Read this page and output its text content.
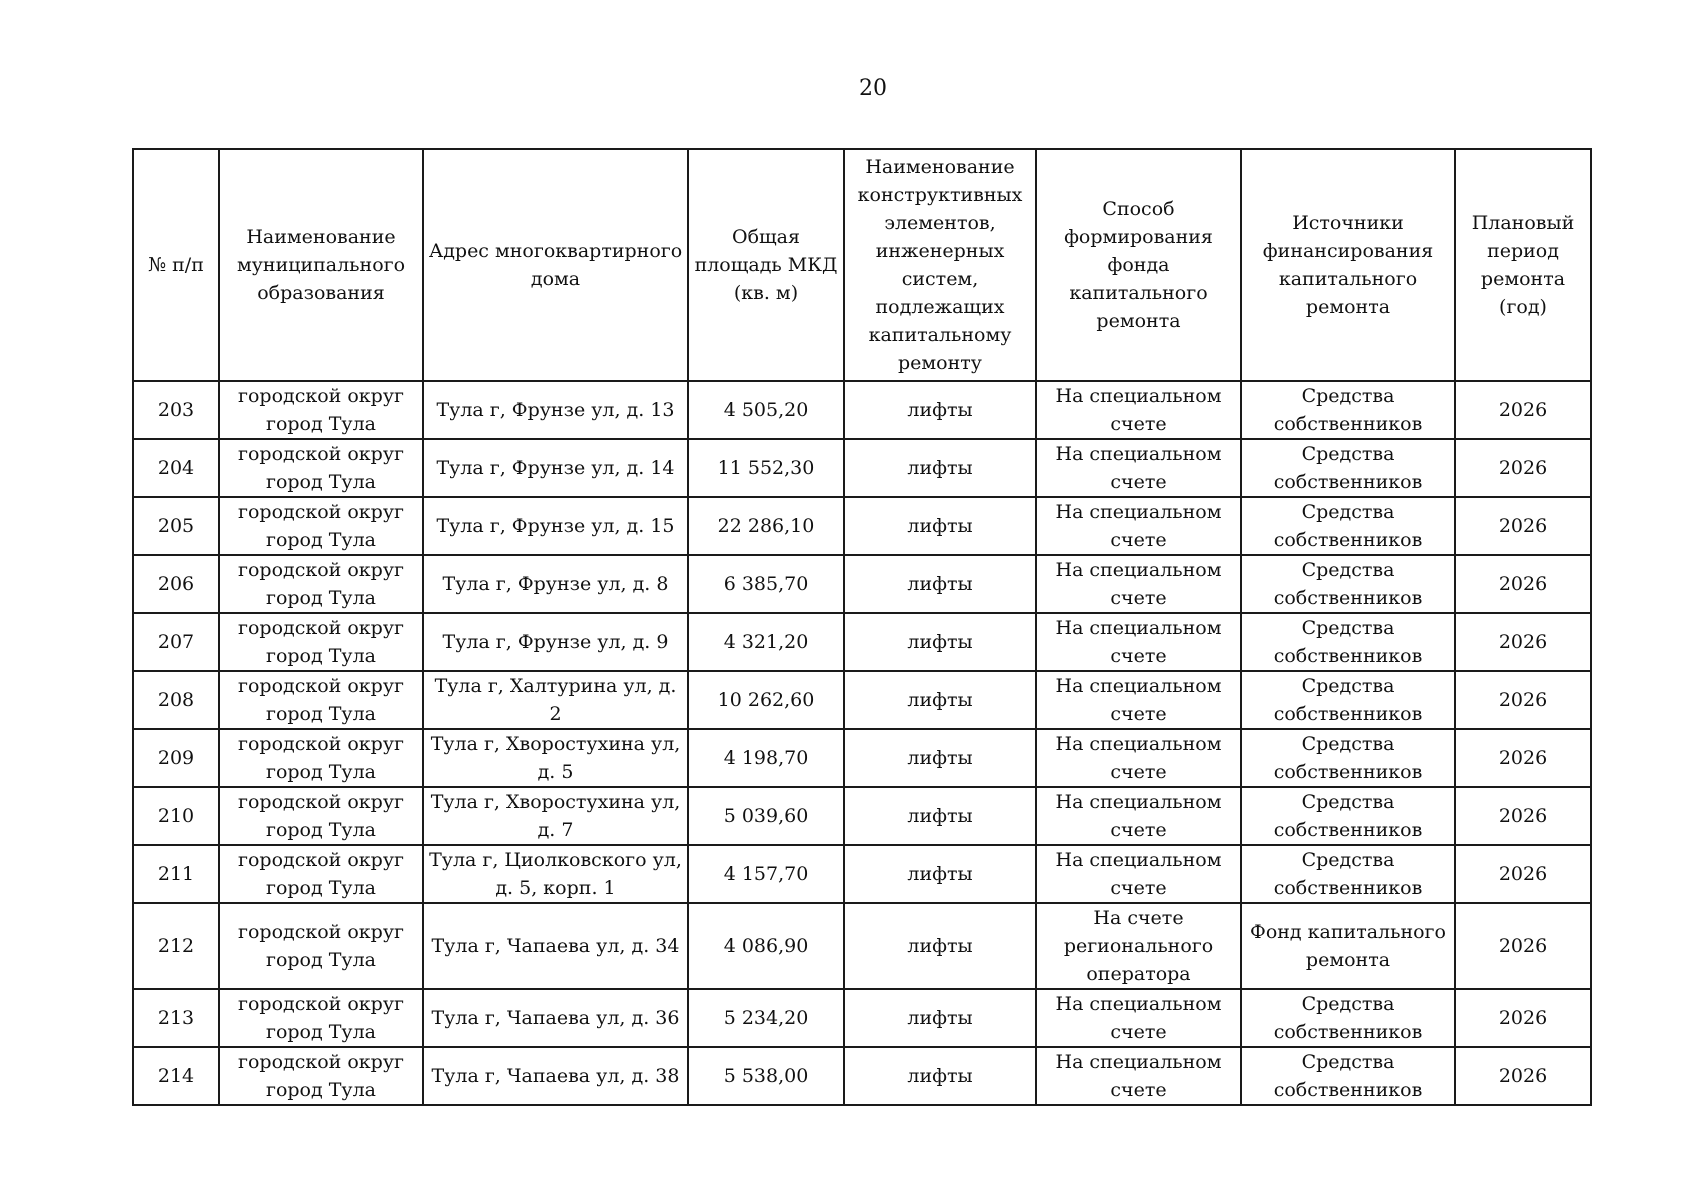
20
№ п/п	Наименование муниципального образования	Адрес многоквартирного дома	Общая площадь МКД (кв. м)	Наименование конструктивных элементов, инженерных систем, подлежащих капитальному ремонту	Способ формирования фонда капитального ремонта	Источники финансирования капитального ремонта	Плановый период ремонта (год)
203	городской округ город Тула	Тула г, Фрунзе ул, д. 13	4 505,20	лифты	На специальном счете	Средства собственников	2026
204	городской округ город Тула	Тула г, Фрунзе ул, д. 14	11 552,30	лифты	На специальном счете	Средства собственников	2026
205	городской округ город Тула	Тула г, Фрунзе ул, д. 15	22 286,10	лифты	На специальном счете	Средства собственников	2026
206	городской округ город Тула	Тула г, Фрунзе ул, д. 8	6 385,70	лифты	На специальном счете	Средства собственников	2026
207	городской округ город Тула	Тула г, Фрунзе ул, д. 9	4 321,20	лифты	На специальном счете	Средства собственников	2026
208	городской округ город Тула	Тула г, Халтурина ул, д. 2	10 262,60	лифты	На специальном счете	Средства собственников	2026
209	городской округ город Тула	Тула г, Хворостухина ул, д. 5	4 198,70	лифты	На специальном счете	Средства собственников	2026
210	городской округ город Тула	Тула г, Хворостухина ул, д. 7	5 039,60	лифты	На специальном счете	Средства собственников	2026
211	городской округ город Тула	Тула г, Циолковского ул, д. 5, корп. 1	4 157,70	лифты	На специальном счете	Средства собственников	2026
212	городской округ город Тула	Тула г, Чапаева ул, д. 34	4 086,90	лифты	На счете регионального оператора	Фонд капитального ремонта	2026
213	городской округ город Тула	Тула г, Чапаева ул, д. 36	5 234,20	лифты	На специальном счете	Средства собственников	2026
214	городской округ город Тула	Тула г, Чапаева ул, д. 38	5 538,00	лифты	На специальном счете	Средства собственников	2026
